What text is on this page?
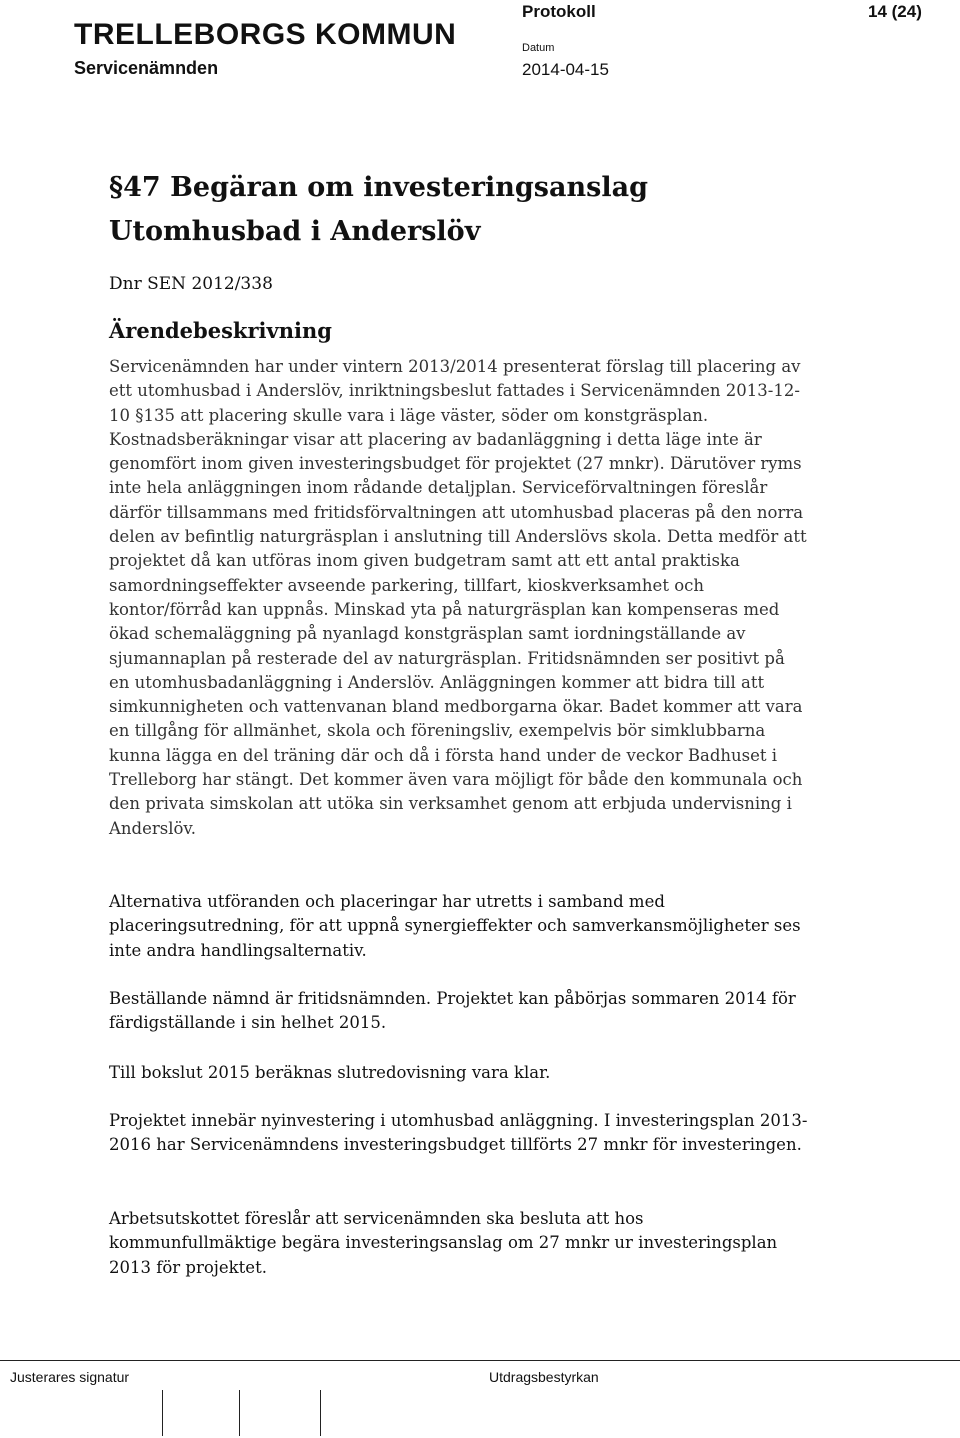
TRELLEBORGS KOMMUN
Servicenämnden
Protokoll
Datum
2014-04-15
14 (24)
§47 Begäran om investeringsanslag Utomhusbad i Anderslöv
Dnr SEN 2012/338
Ärendebeskrivning

Servicenämnden har under vintern 2013/2014 presenterat förslag till placering av ett utomhusbad i Anderslöv, inriktningsbeslut fattades i Servicenämnden 2013-12-10 §135 att placering skulle vara i läge väster, söder om konstgräsplan. Kostnadsberäkningar visar att placering av badanläggning i detta läge inte är genomfört inom given investeringsbudget för projektet (27 mnkr). Därutöver ryms inte hela anläggningen inom rådande detaljplan. Serviceförvaltningen föreslår därför tillsammans med fritidsförvaltningen att utomhusbad placeras på den norra delen av befintlig naturgräsplan i anslutning till Anderslövs skola. Detta medför att projektet då kan utföras inom given budgetram samt att ett antal praktiska samordningseffekter avseende parkering, tillfart, kioskverksamhet och kontor/förråd kan uppnås. Minskad yta på naturgräsplan kan kompenseras med ökad schemaläggning på nyanlagd konstgräsplan samt iordningställande av sjumannaplan på resterade del av naturgräsplan. Fritidsnämnden ser positivt på en utomhusbadanläggning i Anderslöv. Anläggningen kommer att bidra till att simkunnigheten och vattenvanan bland medborgarna ökar. Badet kommer att vara en tillgång för allmänhet, skola och föreningsliv, exempelvis bör simklubbarna kunna lägga en del träning där och då i första hand under de veckor Badhuset i Trelleborg har stängt. Det kommer även vara möjligt för både den kommunala och den privata simskolan att utöka sin verksamhet genom att erbjuda undervisning i Anderslöv.

Alternativa utföranden och placeringar har utretts i samband med placeringsutredning, för att uppnå synergieffekter och samverkansmöjligheter ses inte andra handlingsalternativ.

Beställande nämnd är fritidsnämnden. Projektet kan påbörjas sommaren 2014 för färdigställande i sin helhet 2015.

Till bokslut 2015 beräknas slutredovisning vara klar.

Projektet innebär nyinvestering i utomhusbad anläggning. I investeringsplan 2013-2016 har Servicenämndens investeringsbudget tillförts 27 mnkr för investeringen.

Arbetsutskottet föreslår att servicenämnden ska besluta att hos kommunfullmäktige begära investeringsanslag om 27 mnkr ur investeringsplan 2013 för projektet.

Justerares signatur	Utdragsbestyrkan
